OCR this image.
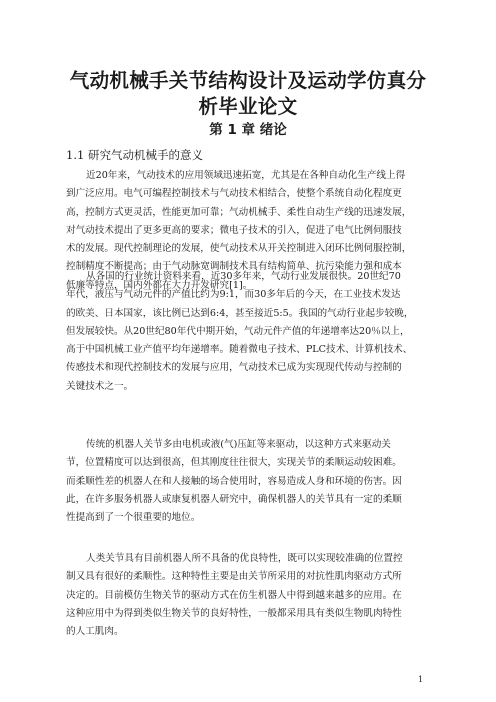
气动机械手关节结构设计及运动学仿真分
析毕业论文
第 1 章 绪论
1.1 研究气动机械手的意义
近20年来，气动技术的应用领域迅速拓宽，尤其是在各种自动化生产线上得
到广泛应用。电气可编程控制技术与气动技术相结合，使整个系统自动化程度更
高，控制方式更灵活，性能更加可靠；气动机械手、柔性自动生产线的迅速发展，
对气动技术提出了更多更高的要求；微电子技术的引入，促进了电气比例伺服技
术的发展。现代控制理论的发展，使气动技术从开关控制进入闭环比例伺服控制，
控制精度不断提高；由于气动脉宽调制技术具有结构简单、抗污染能力强和成本
低廉等特点，国内外都在大力开发研究[1]。
从各国的行业统计资料来看，近30多年来，气动行业发展很快。20世纪70
年代，液压与气动元件的产值比约为9:1，而30多年后的今天，在工业技术发达
的欧美、日本国家，该比例已达到6:4，甚至接近5:5。我国的气动行业起步较晚，
但发展较快。从20世纪80年代中期开始，气动元件产值的年递增率达20％以上，
高于中国机械工业产值平均年递增率。随着微电子技术、PLC技术、计算机技术、
传感技术和现代控制技术的发展与应用，气动技术已成为实现现代传动与控制的
关键技术之一。
传统的机器人关节多由电机或液(气)压缸等来驱动，以这种方式来驱动关
节，位置精度可以达到很高，但其刚度往往很大，实现关节的柔顺运动较困难。
而柔顺性差的机器人在和人接触的场合使用时，容易造成人身和环境的伤害。因
此，在许多服务机器人或康复机器人研究中，确保机器人的关节具有一定的柔顺
性提高到了一个很重要的地位。
人类关节具有目前机器人所不具备的优良特性，既可以实现较准确的位置控
制又具有很好的柔顺性。这种特性主要是由关节所采用的对抗性肌肉驱动方式所
决定的。目前模仿生物关节的驱动方式在仿生机器人中得到越来越多的应用。在
这种应用中为得到类似生物关节的良好特性，一般都采用具有类似生物肌肉特性
的人工肌肉。
1
